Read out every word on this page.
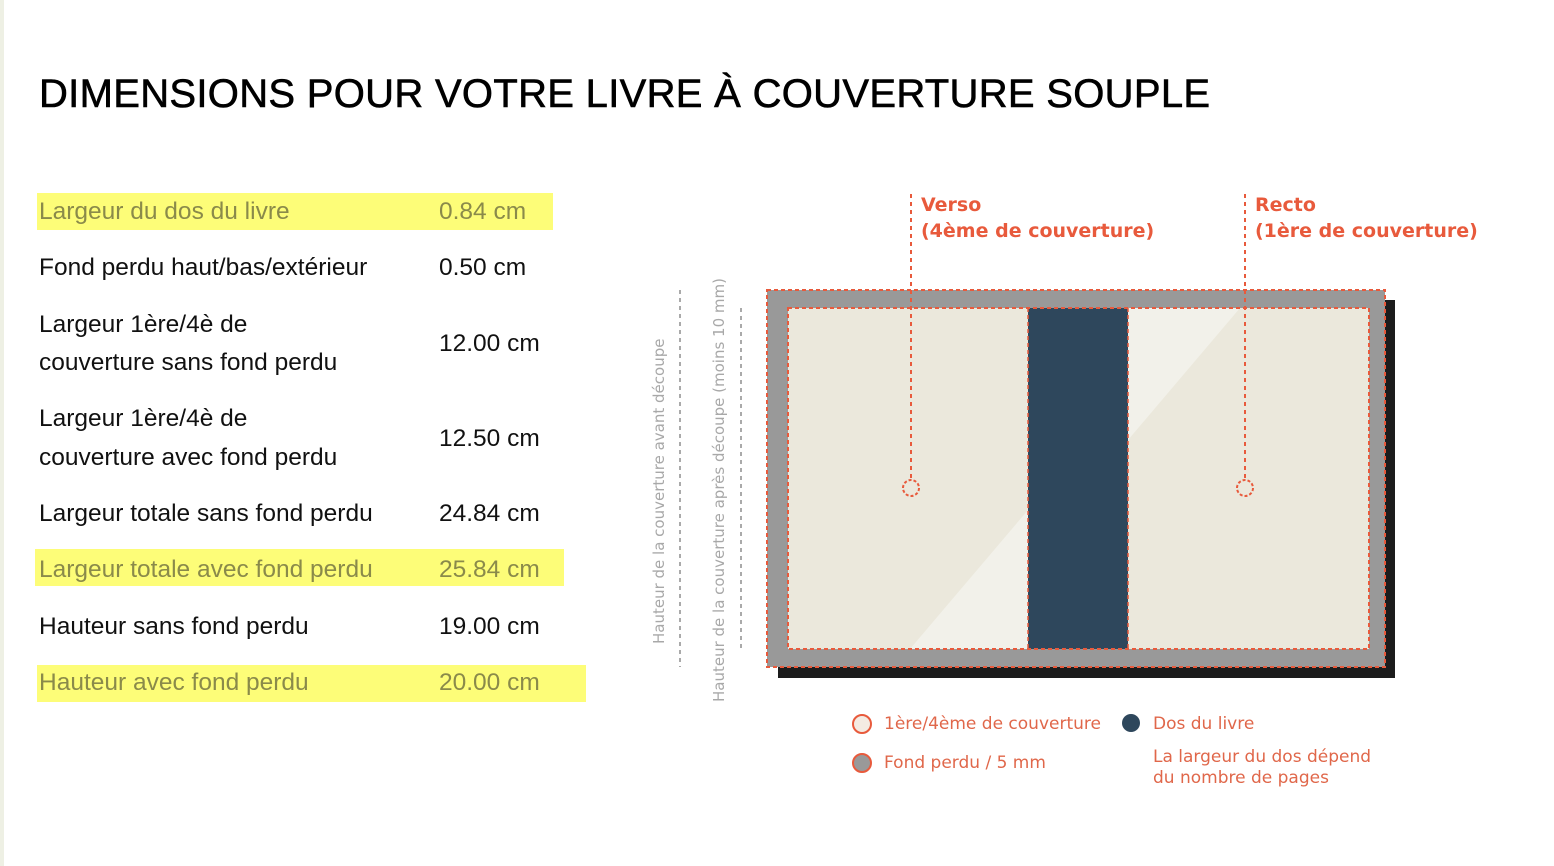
DIMENSIONS POUR VOTRE LIVRE À COUVERTURE SOUPLE
Largeur du dos du livre	0.84 cm
Fond perdu haut/bas/extérieur	0.50 cm
Largeur 1ère/4è de
couverture sans fond perdu
12.00 cm
Largeur 1ère/4è de
couverture avec fond perdu
12.50 cm
Largeur totale sans fond perdu	24.84 cm
Largeur totale avec fond perdu	25.84 cm
Hauteur sans fond perdu	19.00 cm
Hauteur avec fond perdu	20.00 cm
Verso
(4ème de couverture)
Recto
(1ère de couverture)
Hauteur de la couverture avant découpe	Hauteur de la couverture après découpe (moins 10 mm)
1ère/4ème de couverture
Fond perdu / 5 mm
Dos du livre
La largeur du dos dépend
du nombre de pages
